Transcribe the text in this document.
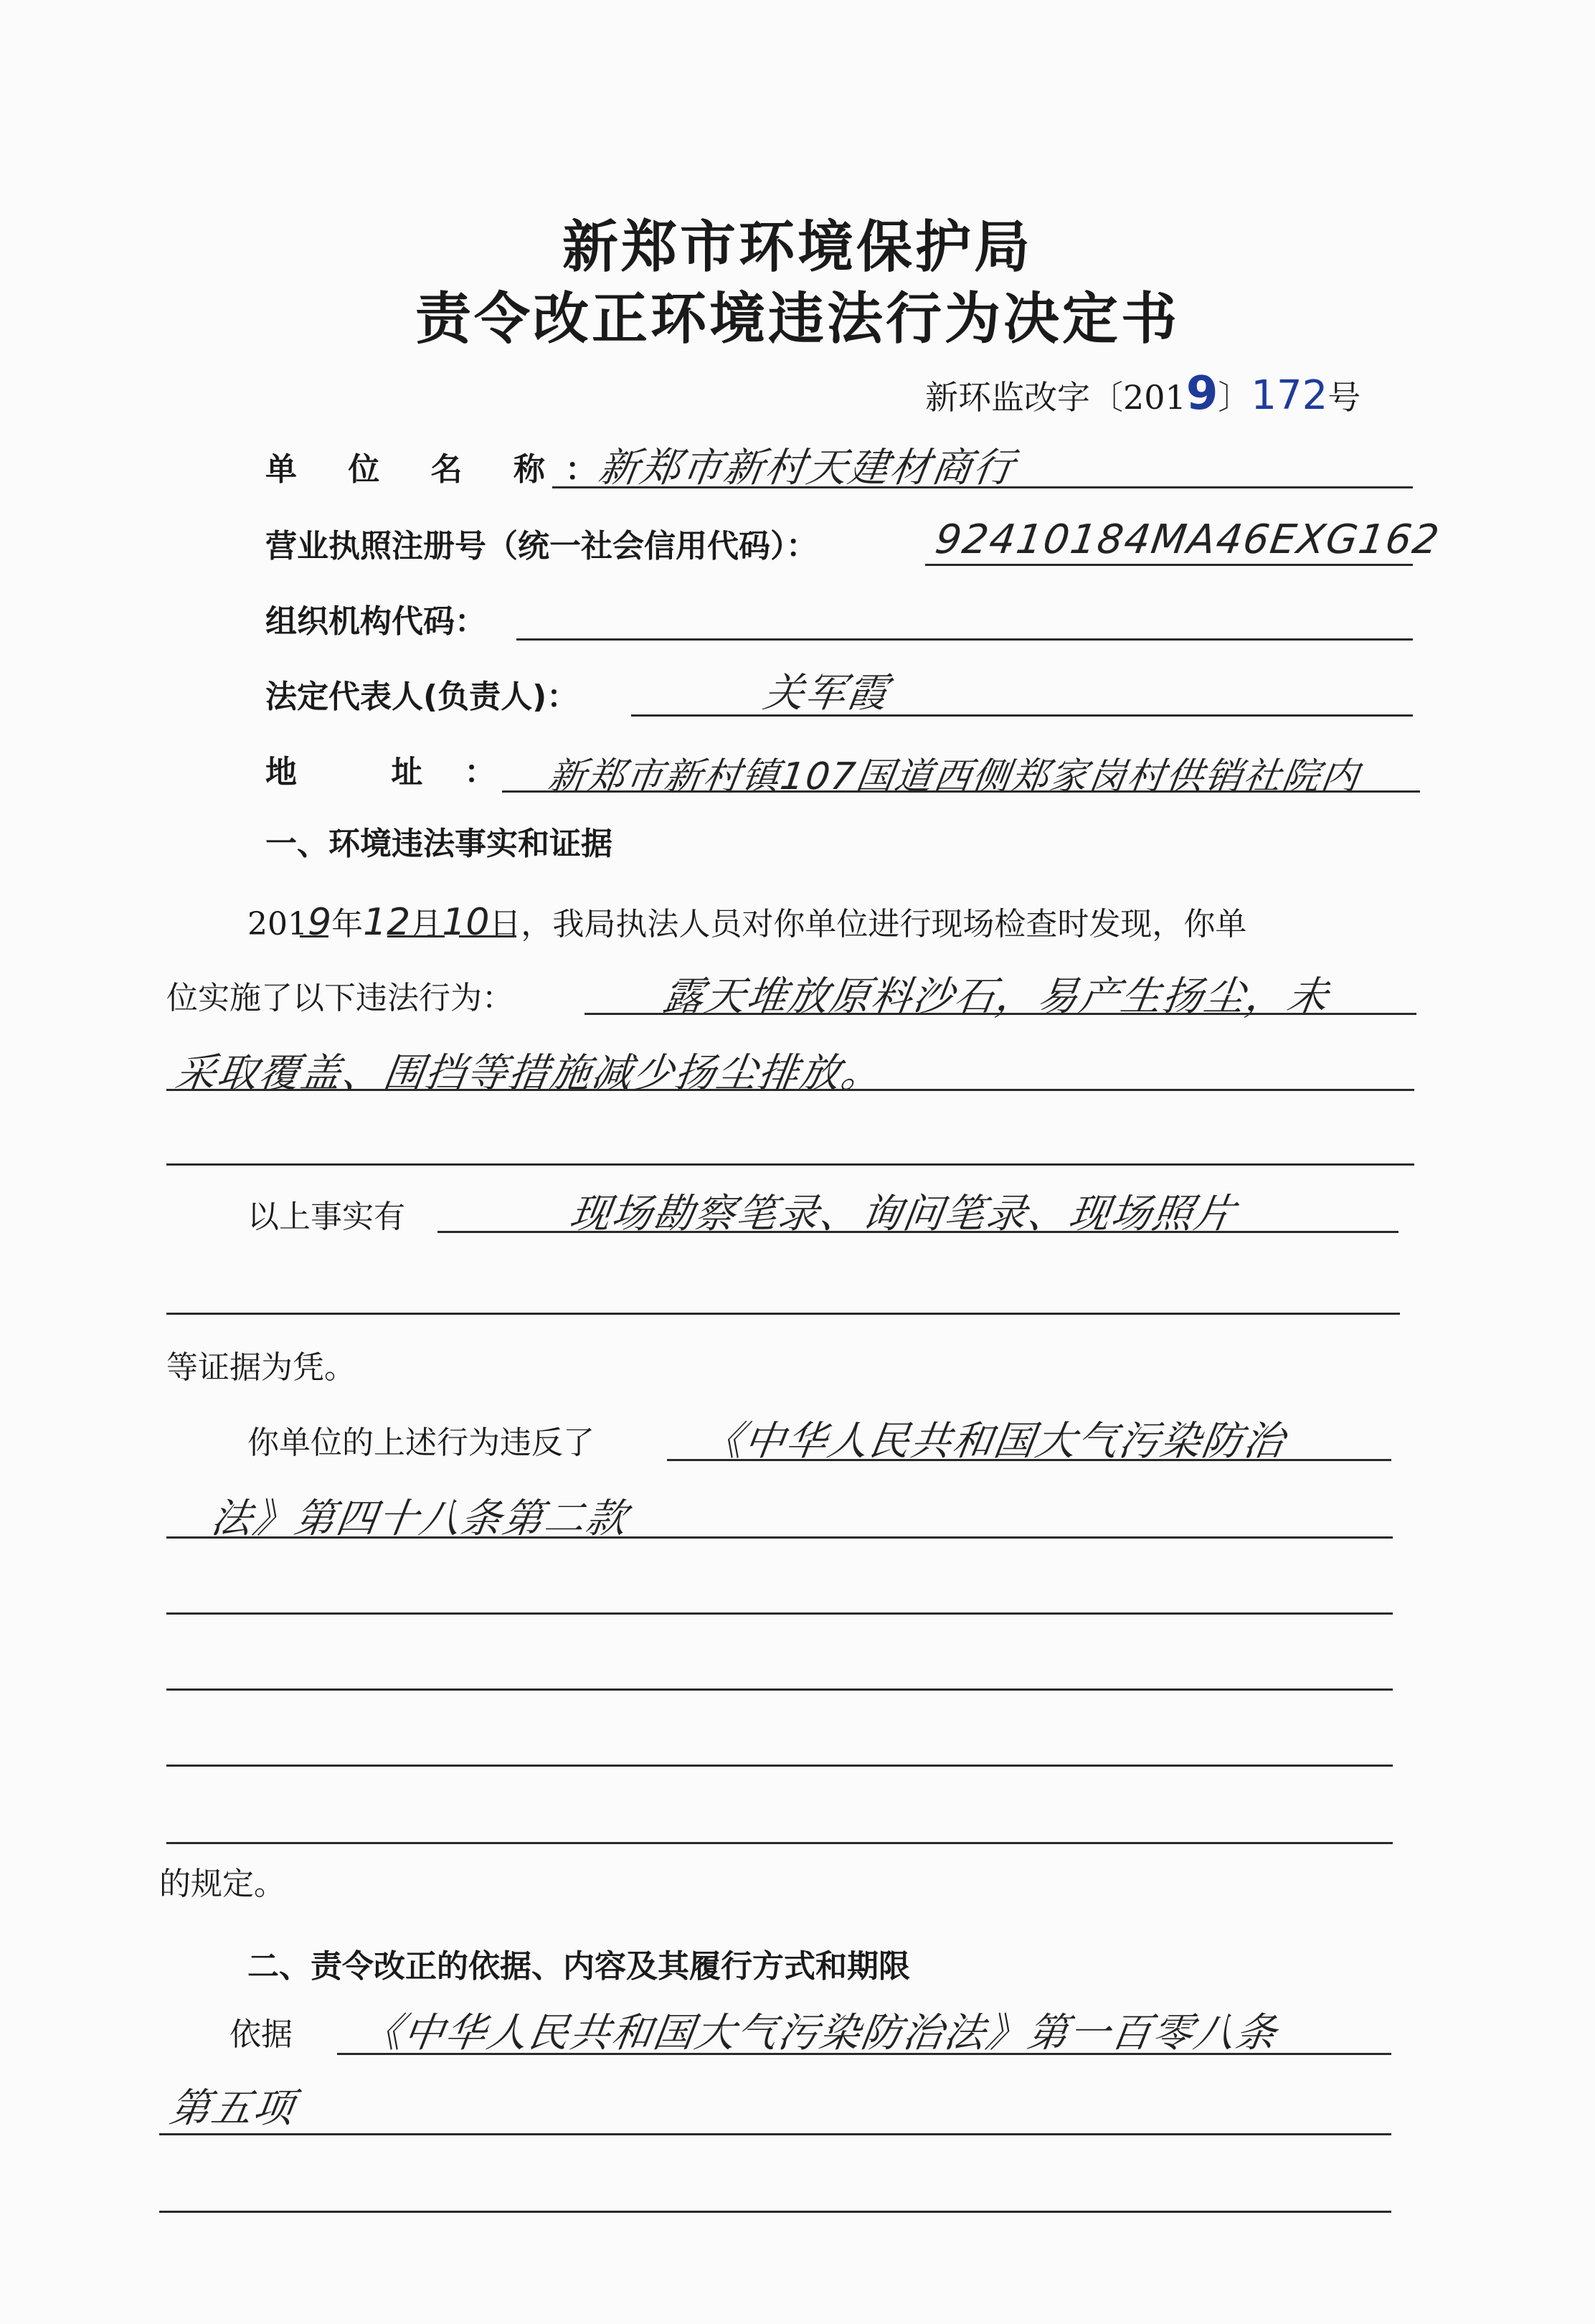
新郑市环境保护局
责令改正环境违法行为决定书
新环监改字〔2019〕172号
单 位 名 称：
新郑市新村天建材商行
营业执照注册号（统一社会信用代码）：	92410184MA46EXG162
组织机构代码：
法定代表人(负责人)：	关军霞
地 址： 新郑市新村镇107国道西侧郑家岗村供销社院内
一、环境违法事实和证据
2019年12月10日，我局执法人员对你单位进行现场检查时发现，你单
位实施了以下违法行为：	露天堆放原料沙石，易产生扬尘，未
采取覆盖、围挡等措施减少扬尘排放。
以上事实有	现场勘察笔录、询问笔录、现场照片
等证据为凭。
你单位的上述行为违反了	《中华人民共和国大气污染防治
法》第四十八条第二款
的规定。
二、责令改正的依据、内容及其履行方式和期限
依据 《中华人民共和国大气污染防治法》第一百零八条
第五项
